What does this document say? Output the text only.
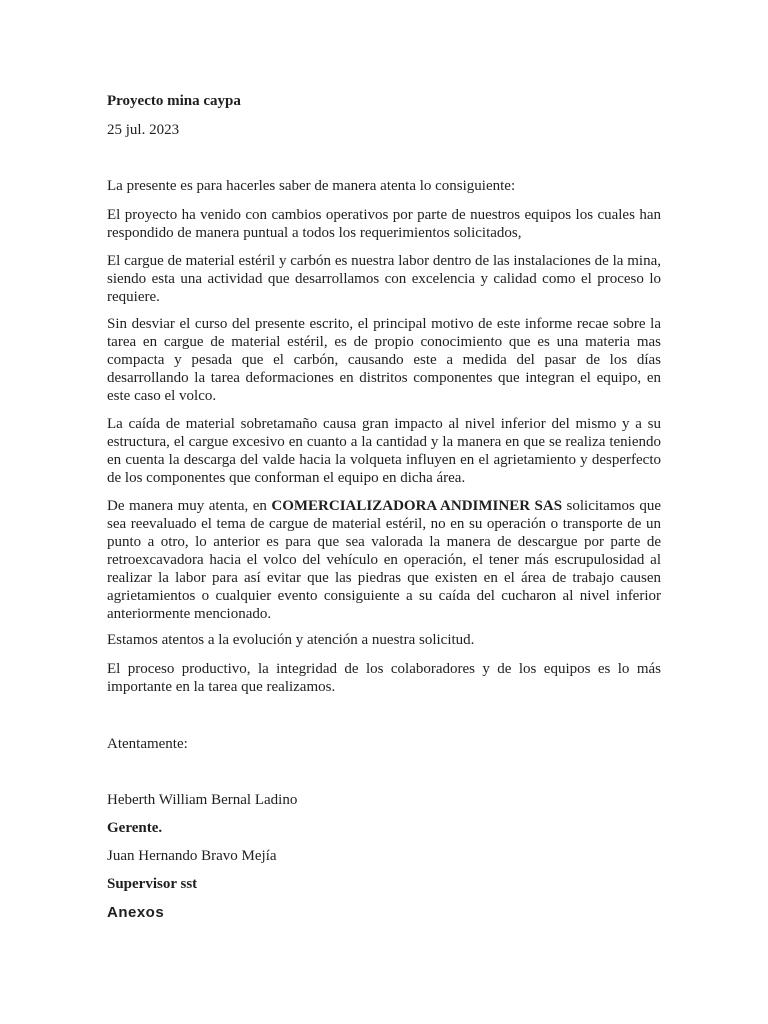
Proyecto mina caypa

25 jul. 2023

La presente es para hacerles saber de manera atenta lo consiguiente:

El proyecto ha venido con cambios operativos por parte de nuestros equipos los cuales han respondido de manera puntual a todos los requerimientos solicitados,

El cargue de material estéril y carbón es nuestra labor dentro de las instalaciones de la mina, siendo esta una actividad que desarrollamos con excelencia y calidad como el proceso lo requiere.

Sin desviar el curso del presente escrito, el principal motivo de este informe recae sobre la tarea en cargue de material estéril, es de propio conocimiento que es una materia mas compacta y pesada que el carbón, causando este a medida del pasar de los días desarrollando la tarea deformaciones en distritos componentes que integran el equipo, en este caso el volco.

La caída de material sobretamaño causa gran impacto al nivel inferior del mismo y a su estructura, el cargue excesivo en cuanto a la cantidad y la manera en que se realiza teniendo en cuenta la descarga del valde hacia la volqueta influyen en el agrietamiento y desperfecto de los componentes que conforman el equipo en dicha área.

De manera muy atenta, en COMERCIALIZADORA ANDIMINER SAS solicitamos que sea reevaluado el tema de cargue de material estéril, no en su operación o transporte de un punto a otro, lo anterior es para que sea valorada la manera de descargue por parte de retroexcavadora hacia el volco del vehículo en operación, el tener más escrupulosidad al realizar la labor para así evitar que las piedras que existen en el área de trabajo causen agrietamientos o cualquier evento consiguiente a su caída del cucharon al nivel inferior anteriormente mencionado.

Estamos atentos a la evolución y atención a nuestra solicitud.

El proceso productivo, la integridad de los colaboradores y de los equipos es lo más importante en la tarea que realizamos.

Atentamente:

Heberth William Bernal Ladino

Gerente.

Juan Hernando Bravo Mejía

Supervisor sst

Anexos
